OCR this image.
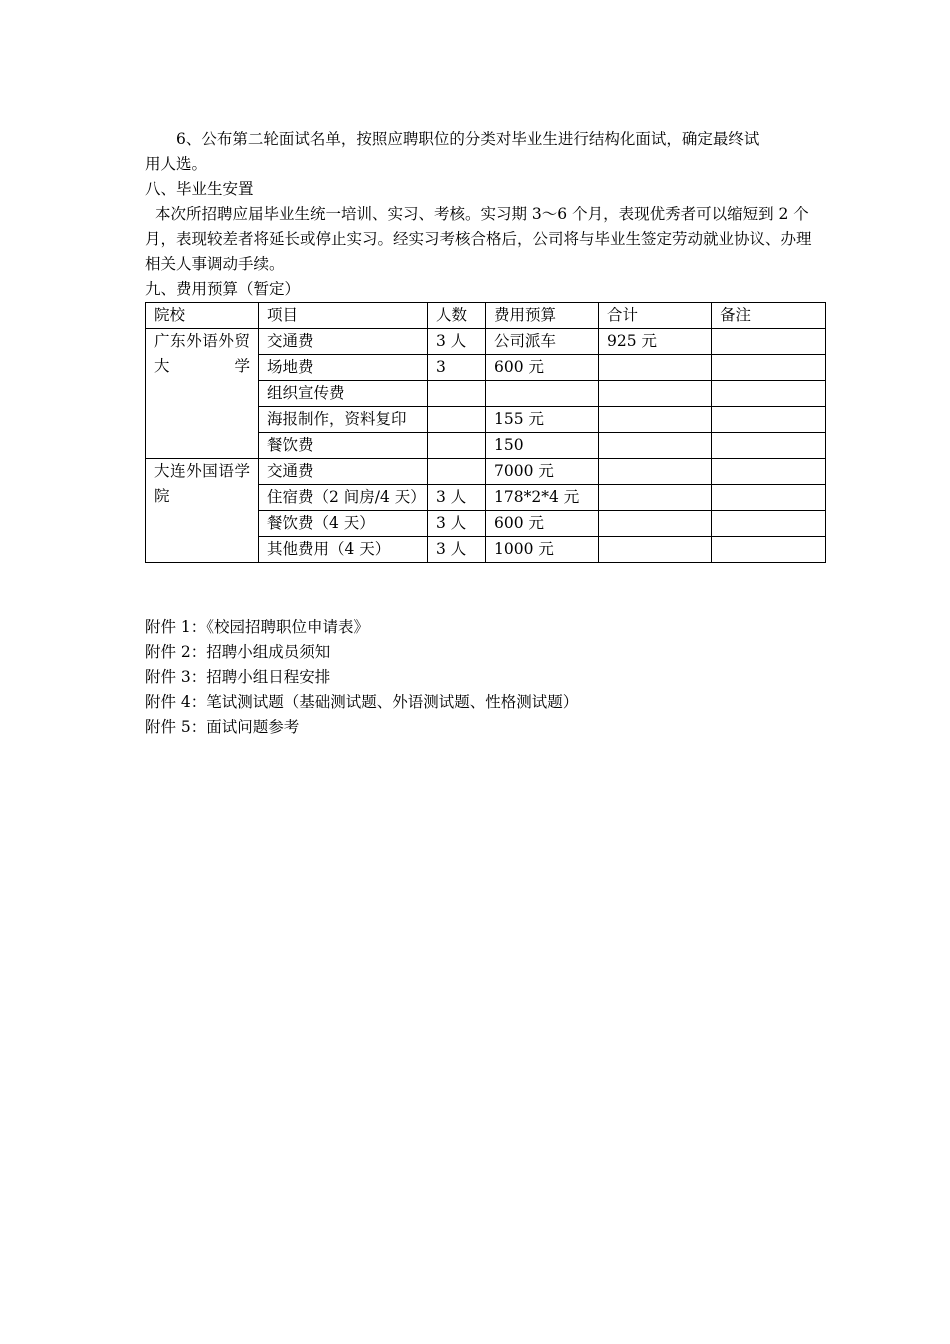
6、公布第二轮面试名单，按照应聘职位的分类对毕业生进行结构化面试，确定最终试

用人选。

八、毕业生安置

本次所招聘应届毕业生统一培训、实习、考核。实习期 3～6 个月，表现优秀者可以缩短到 2 个月，表现较差者将延长或停止实习。经实习考核合格后，公司将与毕业生签定劳动就业协议、办理相关人事调动手续。

九、费用预算（暂定）

院校	项目	人数	费用预算	合计	备注
广东外语外贸大学	交通费	3 人	公司派车	925 元	
	场地费	3	600 元		
	组织宣传费				
	海报制作，资料复印		155 元		
	餐饮费		150		
大连外国语学院	交通费		7000 元		
	住宿费（2 间房/4 天）	3 人	178*2*4 元		
	餐饮费（4 天）	3 人	600 元		
	其他费用（4 天）	3 人	1000 元		

附件 1：《校园招聘职位申请表》

附件 2：招聘小组成员须知

附件 3：招聘小组日程安排

附件 4：笔试测试题（基础测试题、外语测试题、性格测试题）

附件 5：面试问题参考
